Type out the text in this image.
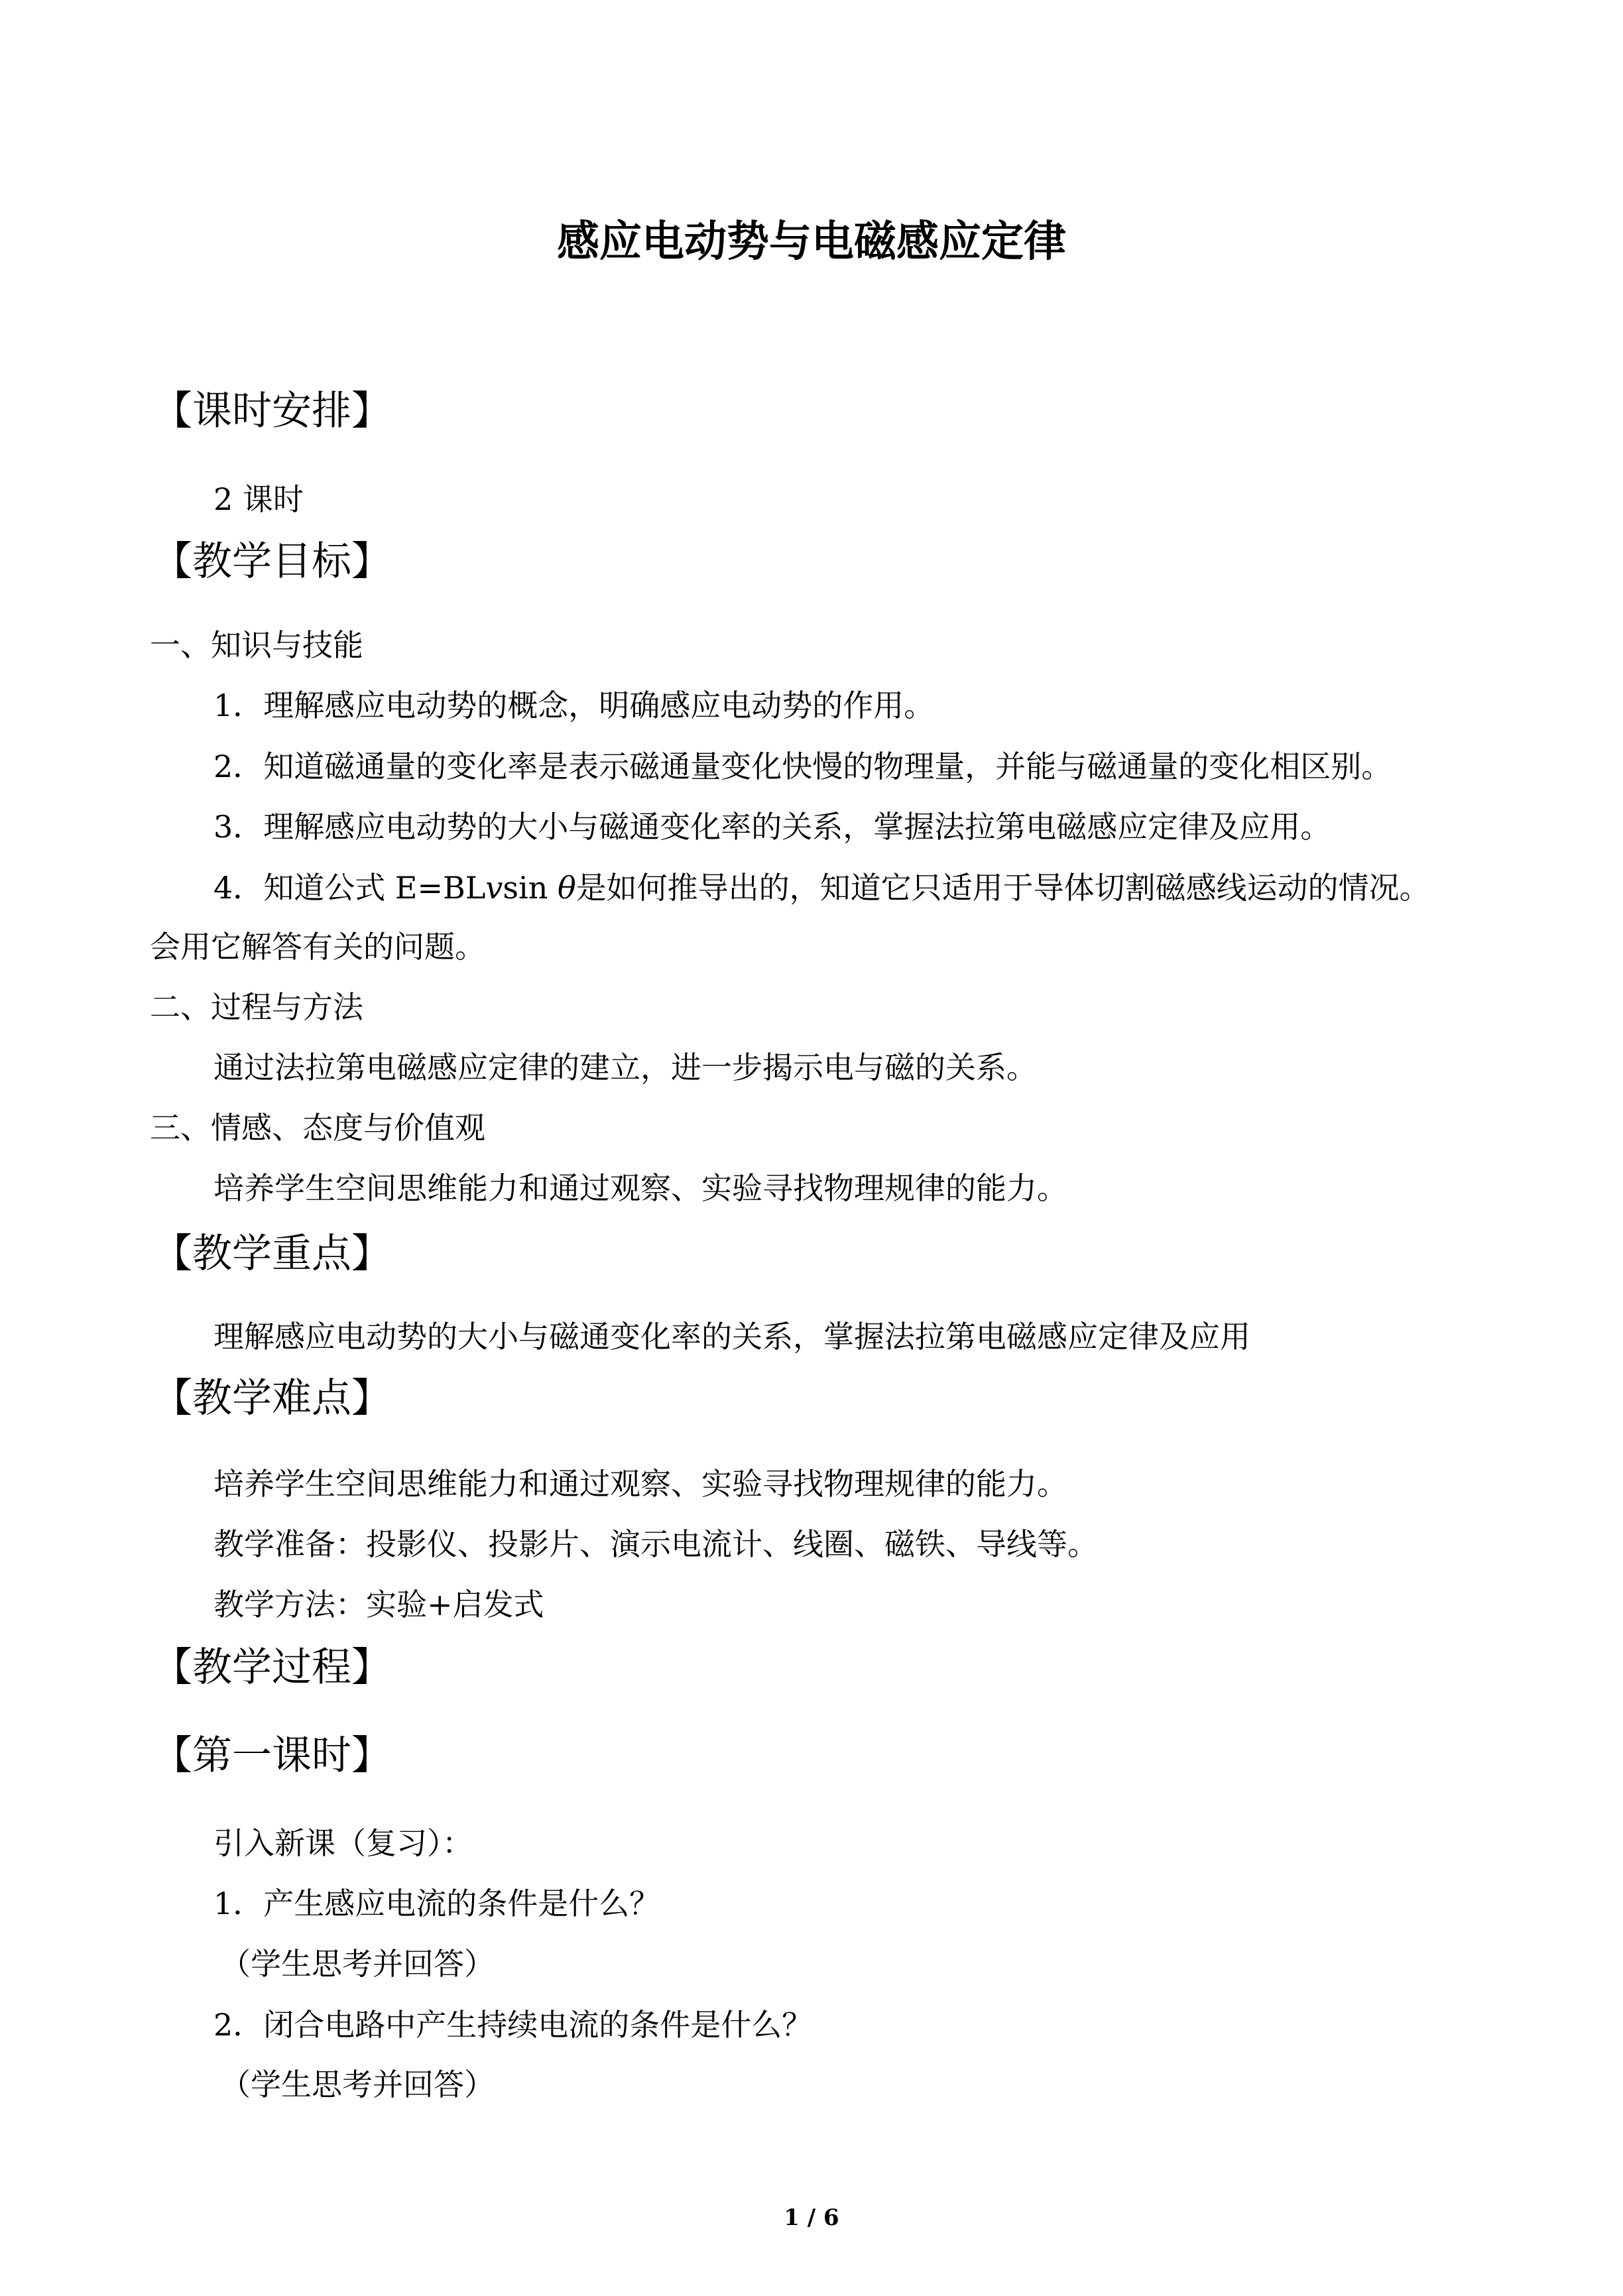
感应电动势与电磁感应定律
【课时安排】
2 课时
【教学目标】
一、知识与技能
1．理解感应电动势的概念，明确感应电动势的作用。
2．知道磁通量的变化率是表示磁通量变化快慢的物理量，并能与磁通量的变化相区别。
3．理解感应电动势的大小与磁通变化率的关系，掌握法拉第电磁感应定律及应用。
4．知道公式 E=BLvsin θ是如何推导出的，知道它只适用于导体切割磁感线运动的情况。
会用它解答有关的问题。
二、过程与方法
通过法拉第电磁感应定律的建立，进一步揭示电与磁的关系。
三、情感、态度与价值观
培养学生空间思维能力和通过观察、实验寻找物理规律的能力。
【教学重点】
理解感应电动势的大小与磁通变化率的关系，掌握法拉第电磁感应定律及应用
【教学难点】
培养学生空间思维能力和通过观察、实验寻找物理规律的能力。
教学准备：投影仪、投影片、演示电流计、线圈、磁铁、导线等。
教学方法：实验+启发式
【教学过程】
【第一课时】
引入新课（复习）：
1．产生感应电流的条件是什么？
（学生思考并回答）
2．闭合电路中产生持续电流的条件是什么？
（学生思考并回答）
1 / 6
